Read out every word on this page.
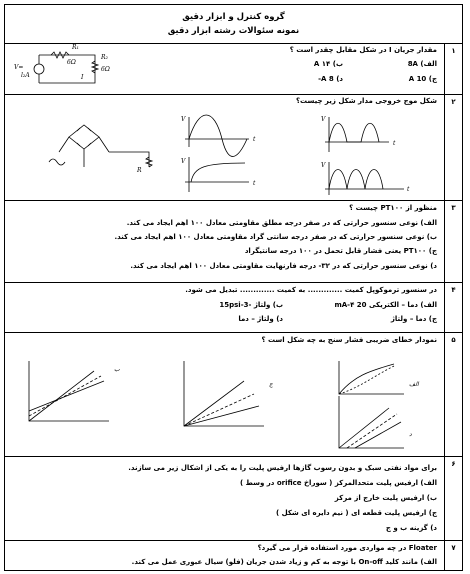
گروه کنترل و ابزار دقیق
نمونه سئوالات رشته ابزار دقیق
۱
مقدار جریان I در شکل مقابل چقدر است ؟
الف) 8A
ب) ۱۴ A
ج) 10 A
د) 8 A-
R₁
6Ω
R₂
6Ω
I
V=
ⅼ₂A
۲
شکل موج خروجی مدار شکل زیر چیست؟
R
V
t
V
t
V
t
V
t
۳
منظور از PT۱۰۰ چیست ؟
الف) نوعی سنسور حرارتی که در صفر درجه مطلق مقاومتی معادل ۱۰۰ اهم ایجاد می کند.
ب) نوعی سنسور حرارتی که در صفر درجه سانتی گراد مقاومتی معادل ۱۰۰ اهم ایجاد می کند.
ج) PT۱۰۰ یعنی فشار قابل تحمل در ۱۰۰ درجه سانتیگراد
د) نوعی سنسور حرارتی که در ۳۲- درجه فارنهایت مقاومتی معادل ۱۰۰ اهم ایجاد می کند.
۴
در سنسور ترموکوپل کمیت ............. به کمیت ............. تبدیل می شود.
الف) دما – الکتریکی 20 mA-۴
ب) ولتاژ -3-15psi
ج) دما – ولتاژ
د) ولتاژ – دما
۵
نمودار خطای ضریبی فشار سنج به چه شکل است ؟
الف
ب
ج
د
۶
برای مواد نفتی سبک و بدون رسوب گازها ارفیس پلیت را به یکی از اشکال زیر می سازند.
الف) ارفیس پلیت متحدالمرکز ( سوراخ orifice در وسط )
ب) ارفیس پلیت خارج از مرکز
ج) ارفیس پلیت قطعه ای ( نیم دایره ای شکل )
د) گزینه ب و ج
۷
Floater در چه مواردی مورد استفاده قرار می گیرد؟
الف) مانند کلید On-off با توجه به کم و زیاد شدن جریان (فلو) سیال عبوری عمل می کند.
